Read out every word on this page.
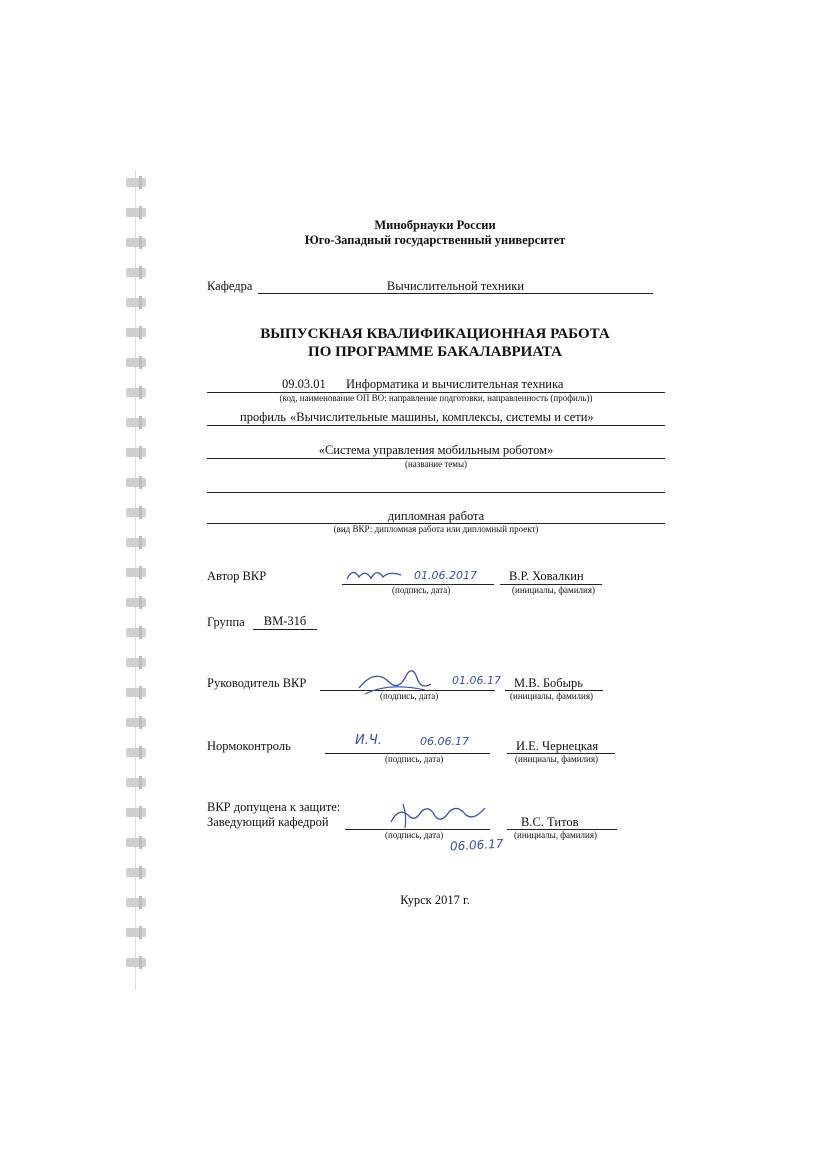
Минобрнауки России
Юго-Западный государственный университет
Кафедра	Вычислительной техники
ВЫПУСКНАЯ КВАЛИФИКАЦИОННАЯ РАБОТА
ПО ПРОГРАММЕ БАКАЛАВРИАТА
09.03.01 Информатика и вычислительная техника
(код, наименование ОП ВО: направление подготовки, направленность (профиль))
профиль «Вычислительные машины, комплексы, системы и сети»
«Система управления мобильным роботом»
(название темы)
дипломная работа
(вид ВКР: дипломная работа или дипломный проект)
Автор ВКР	01.06.2017
(подпись, дата)
В.Р. Ховалкин
(инициалы, фамилия)
Группа	ВМ-31б
Руководитель ВКР	01.06.17
(подпись, дата)
М.В. Бобырь
(инициалы, фамилия)
Нормоконтроль	И.Ч.	06.06.17
(подпись, дата)
И.Е. Чернецкая
(инициалы, фамилия)
ВКР допущена к защите:
Заведующий кафедрой
(подпись, дата)
06.06.17
В.С. Титов
(инициалы, фамилия)
Курск 2017 г.
